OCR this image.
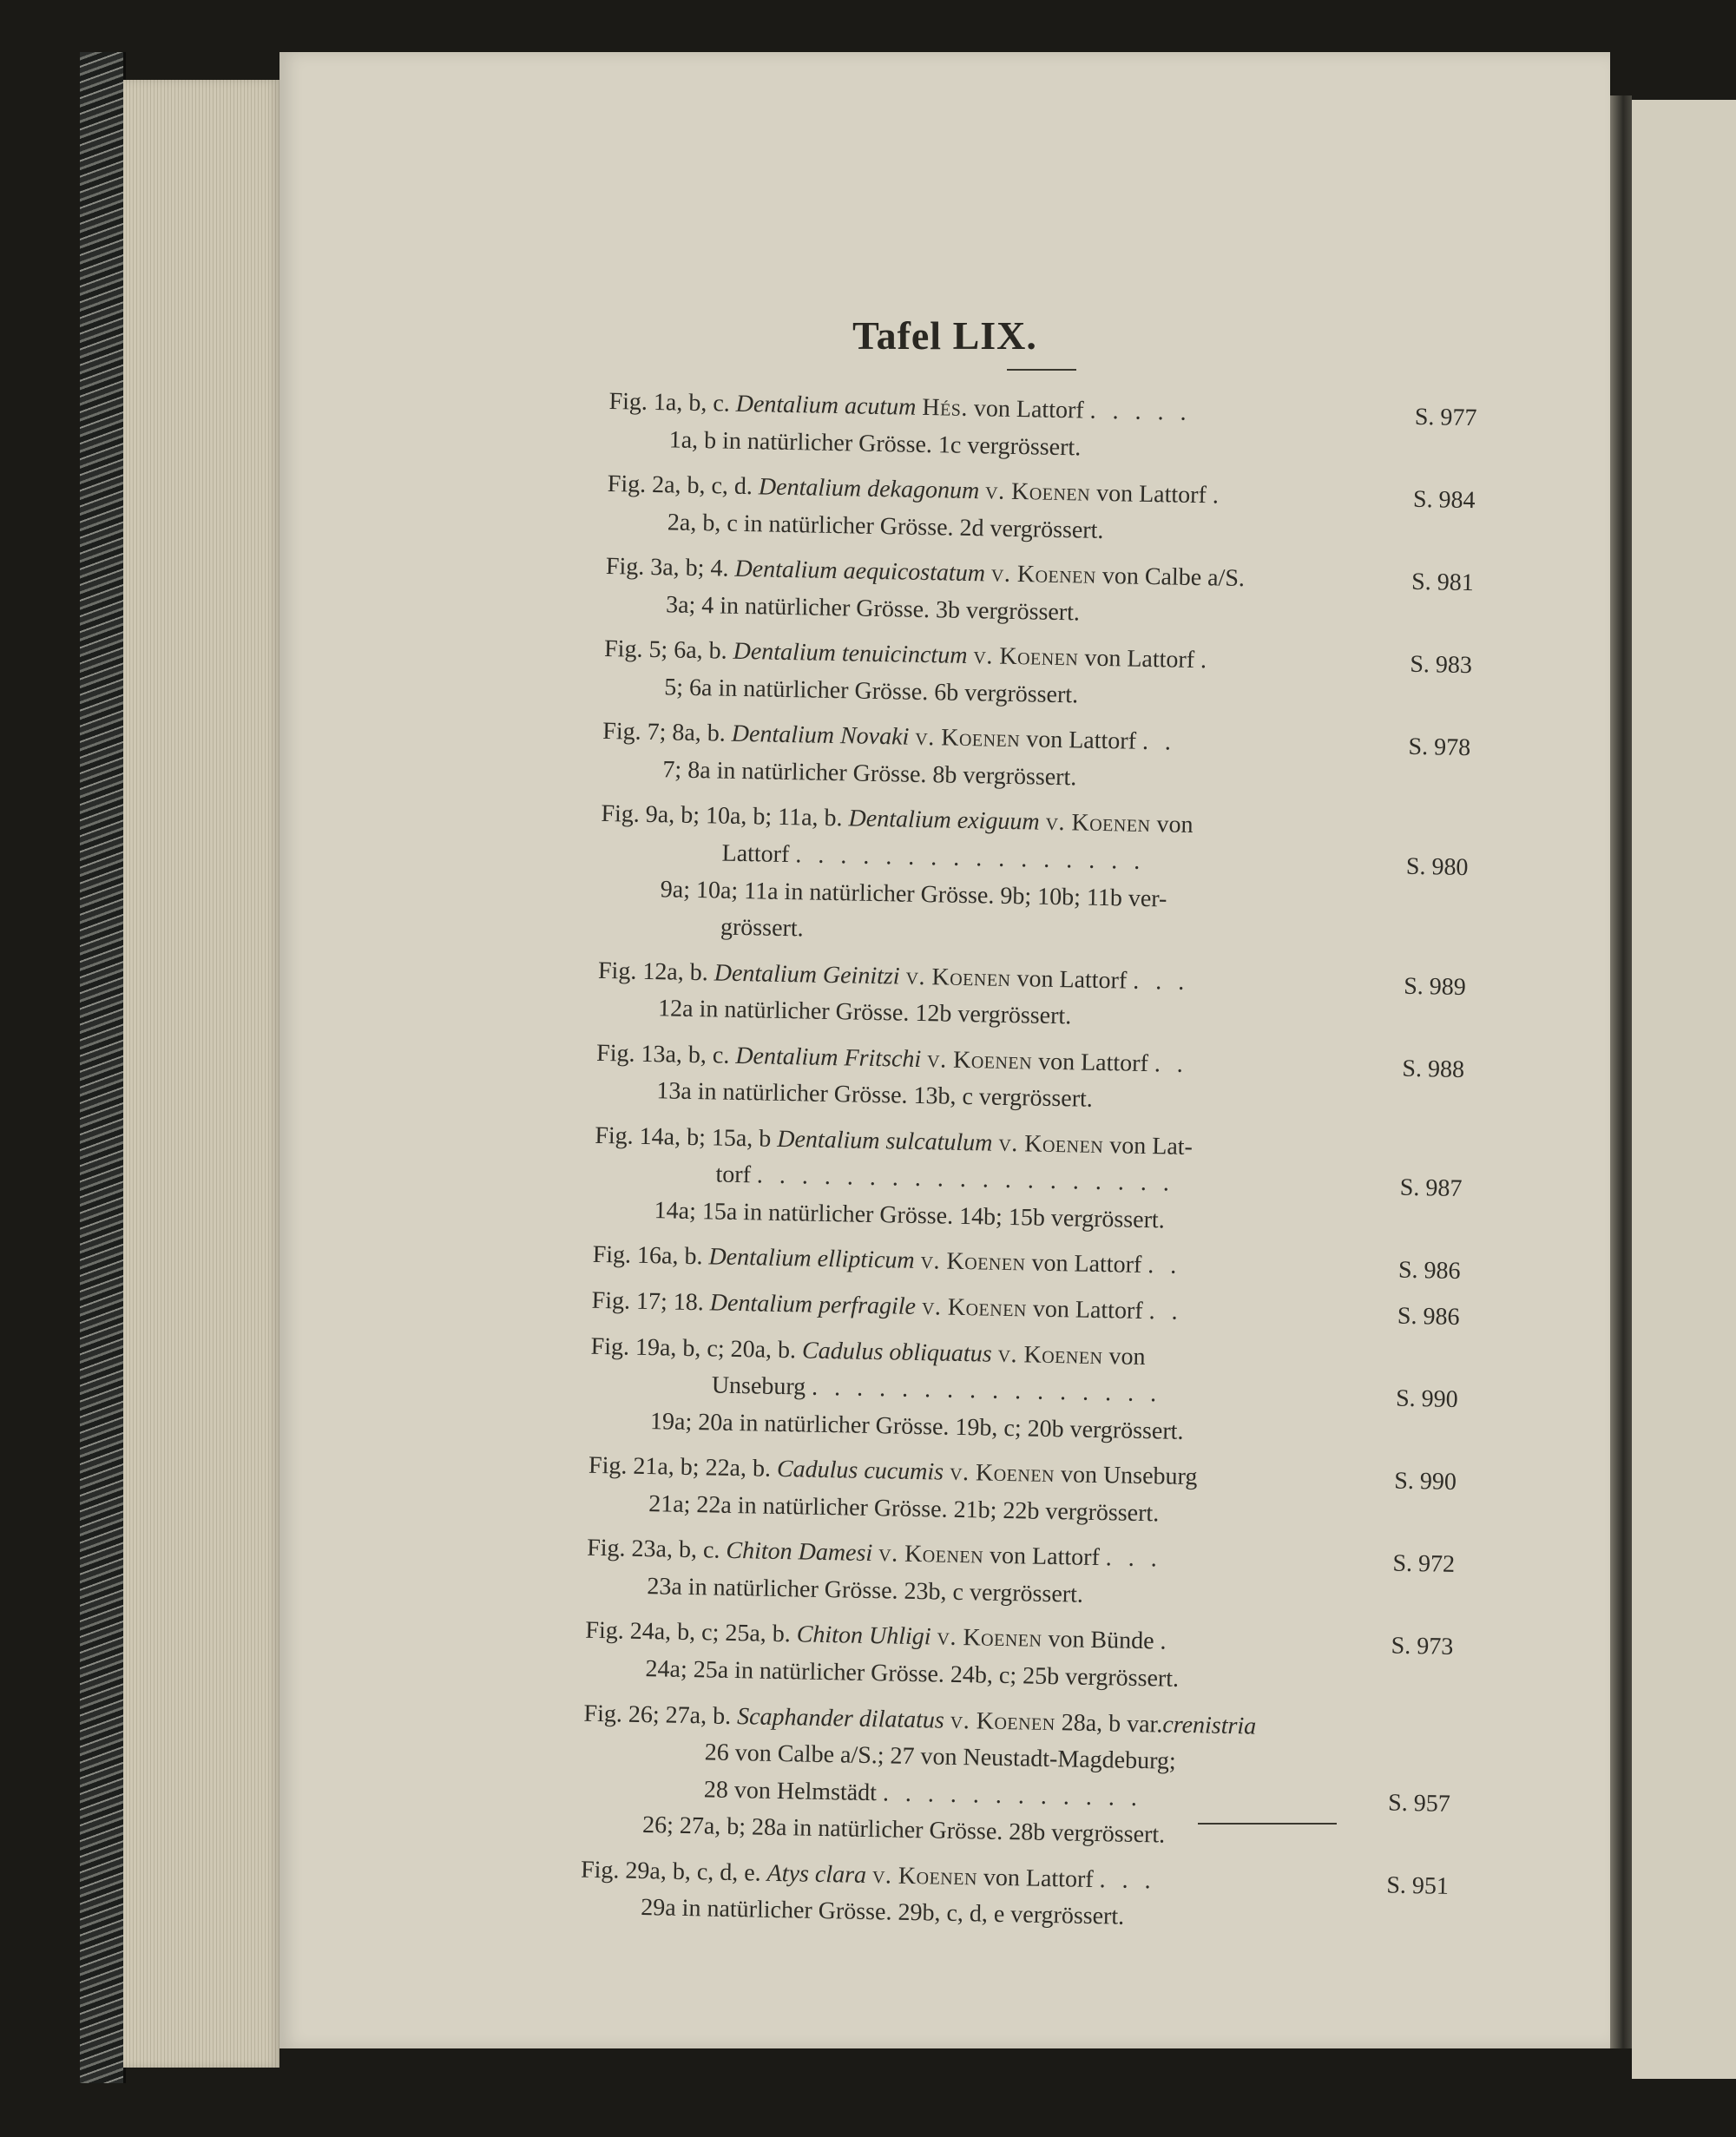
Tafel LIX.
Fig. 1a, b, c. Dentalium acutum Hés. von Lattorf . . . . .	S. 977
1a, b in natürlicher Grösse. 1c vergrössert.
Fig. 2a, b, c, d. Dentalium dekagonum v. Koenen von Lattorf .	S. 984
2a, b, c in natürlicher Grösse. 2d vergrössert.
Fig. 3a, b; 4. Dentalium aequicostatum v. Koenen von Calbe a/S.	S. 981
3a; 4 in natürlicher Grösse. 3b vergrössert.
Fig. 5; 6a, b. Dentalium tenuicinctum v. Koenen von Lattorf .	S. 983
5; 6a in natürlicher Grösse. 6b vergrössert.
Fig. 7; 8a, b. Dentalium Novaki v. Koenen von Lattorf . .	S. 978
7; 8a in natürlicher Grösse. 8b vergrössert.
Fig. 9a, b; 10a, b; 11a, b. Dentalium exiguum v. Koenen von
Lattorf . . . . . . . . . . . . . . . .	S. 980
9a; 10a; 11a in natürlicher Grösse. 9b; 10b; 11b ver-
grössert.
Fig. 12a, b. Dentalium Geinitzi v. Koenen von Lattorf . . .	S. 989
12a in natürlicher Grösse. 12b vergrössert.
Fig. 13a, b, c. Dentalium Fritschi v. Koenen von Lattorf . .	S. 988
13a in natürlicher Grösse. 13b, c vergrössert.
Fig. 14a, b; 15a, b Dentalium sulcatulum v. Koenen von Lat-
torf . . . . . . . . . . . . . . . . . . .	S. 987
14a; 15a in natürlicher Grösse. 14b; 15b vergrössert.
Fig. 16a, b. Dentalium ellipticum v. Koenen von Lattorf . .	S. 986
Fig. 17; 18. Dentalium perfragile v. Koenen von Lattorf . .	S. 986
Fig. 19a, b, c; 20a, b. Cadulus obliquatus v. Koenen von
Unseburg . . . . . . . . . . . . . . . .	S. 990
19a; 20a in natürlicher Grösse. 19b, c; 20b vergrössert.
Fig. 21a, b; 22a, b. Cadulus cucumis v. Koenen von Unseburg	S. 990
21a; 22a in natürlicher Grösse. 21b; 22b vergrössert.
Fig. 23a, b, c. Chiton Damesi v. Koenen von Lattorf . . .	S. 972
23a in natürlicher Grösse. 23b, c vergrössert.
Fig. 24a, b, c; 25a, b. Chiton Uhligi v. Koenen von Bünde .	S. 973
24a; 25a in natürlicher Grösse. 24b, c; 25b vergrössert.
Fig. 26; 27a, b. Scaphander dilatatus v. Koenen 28a, b var.crenistria
26 von Calbe a/S.; 27 von Neustadt-Magdeburg;
28 von Helmstädt . . . . . . . . . . . .	S. 957
26; 27a, b; 28a in natürlicher Grösse. 28b vergrössert.
Fig. 29a, b, c, d, e. Atys clara v. Koenen von Lattorf . . .	S. 951
29a in natürlicher Grösse. 29b, c, d, e vergrössert.
